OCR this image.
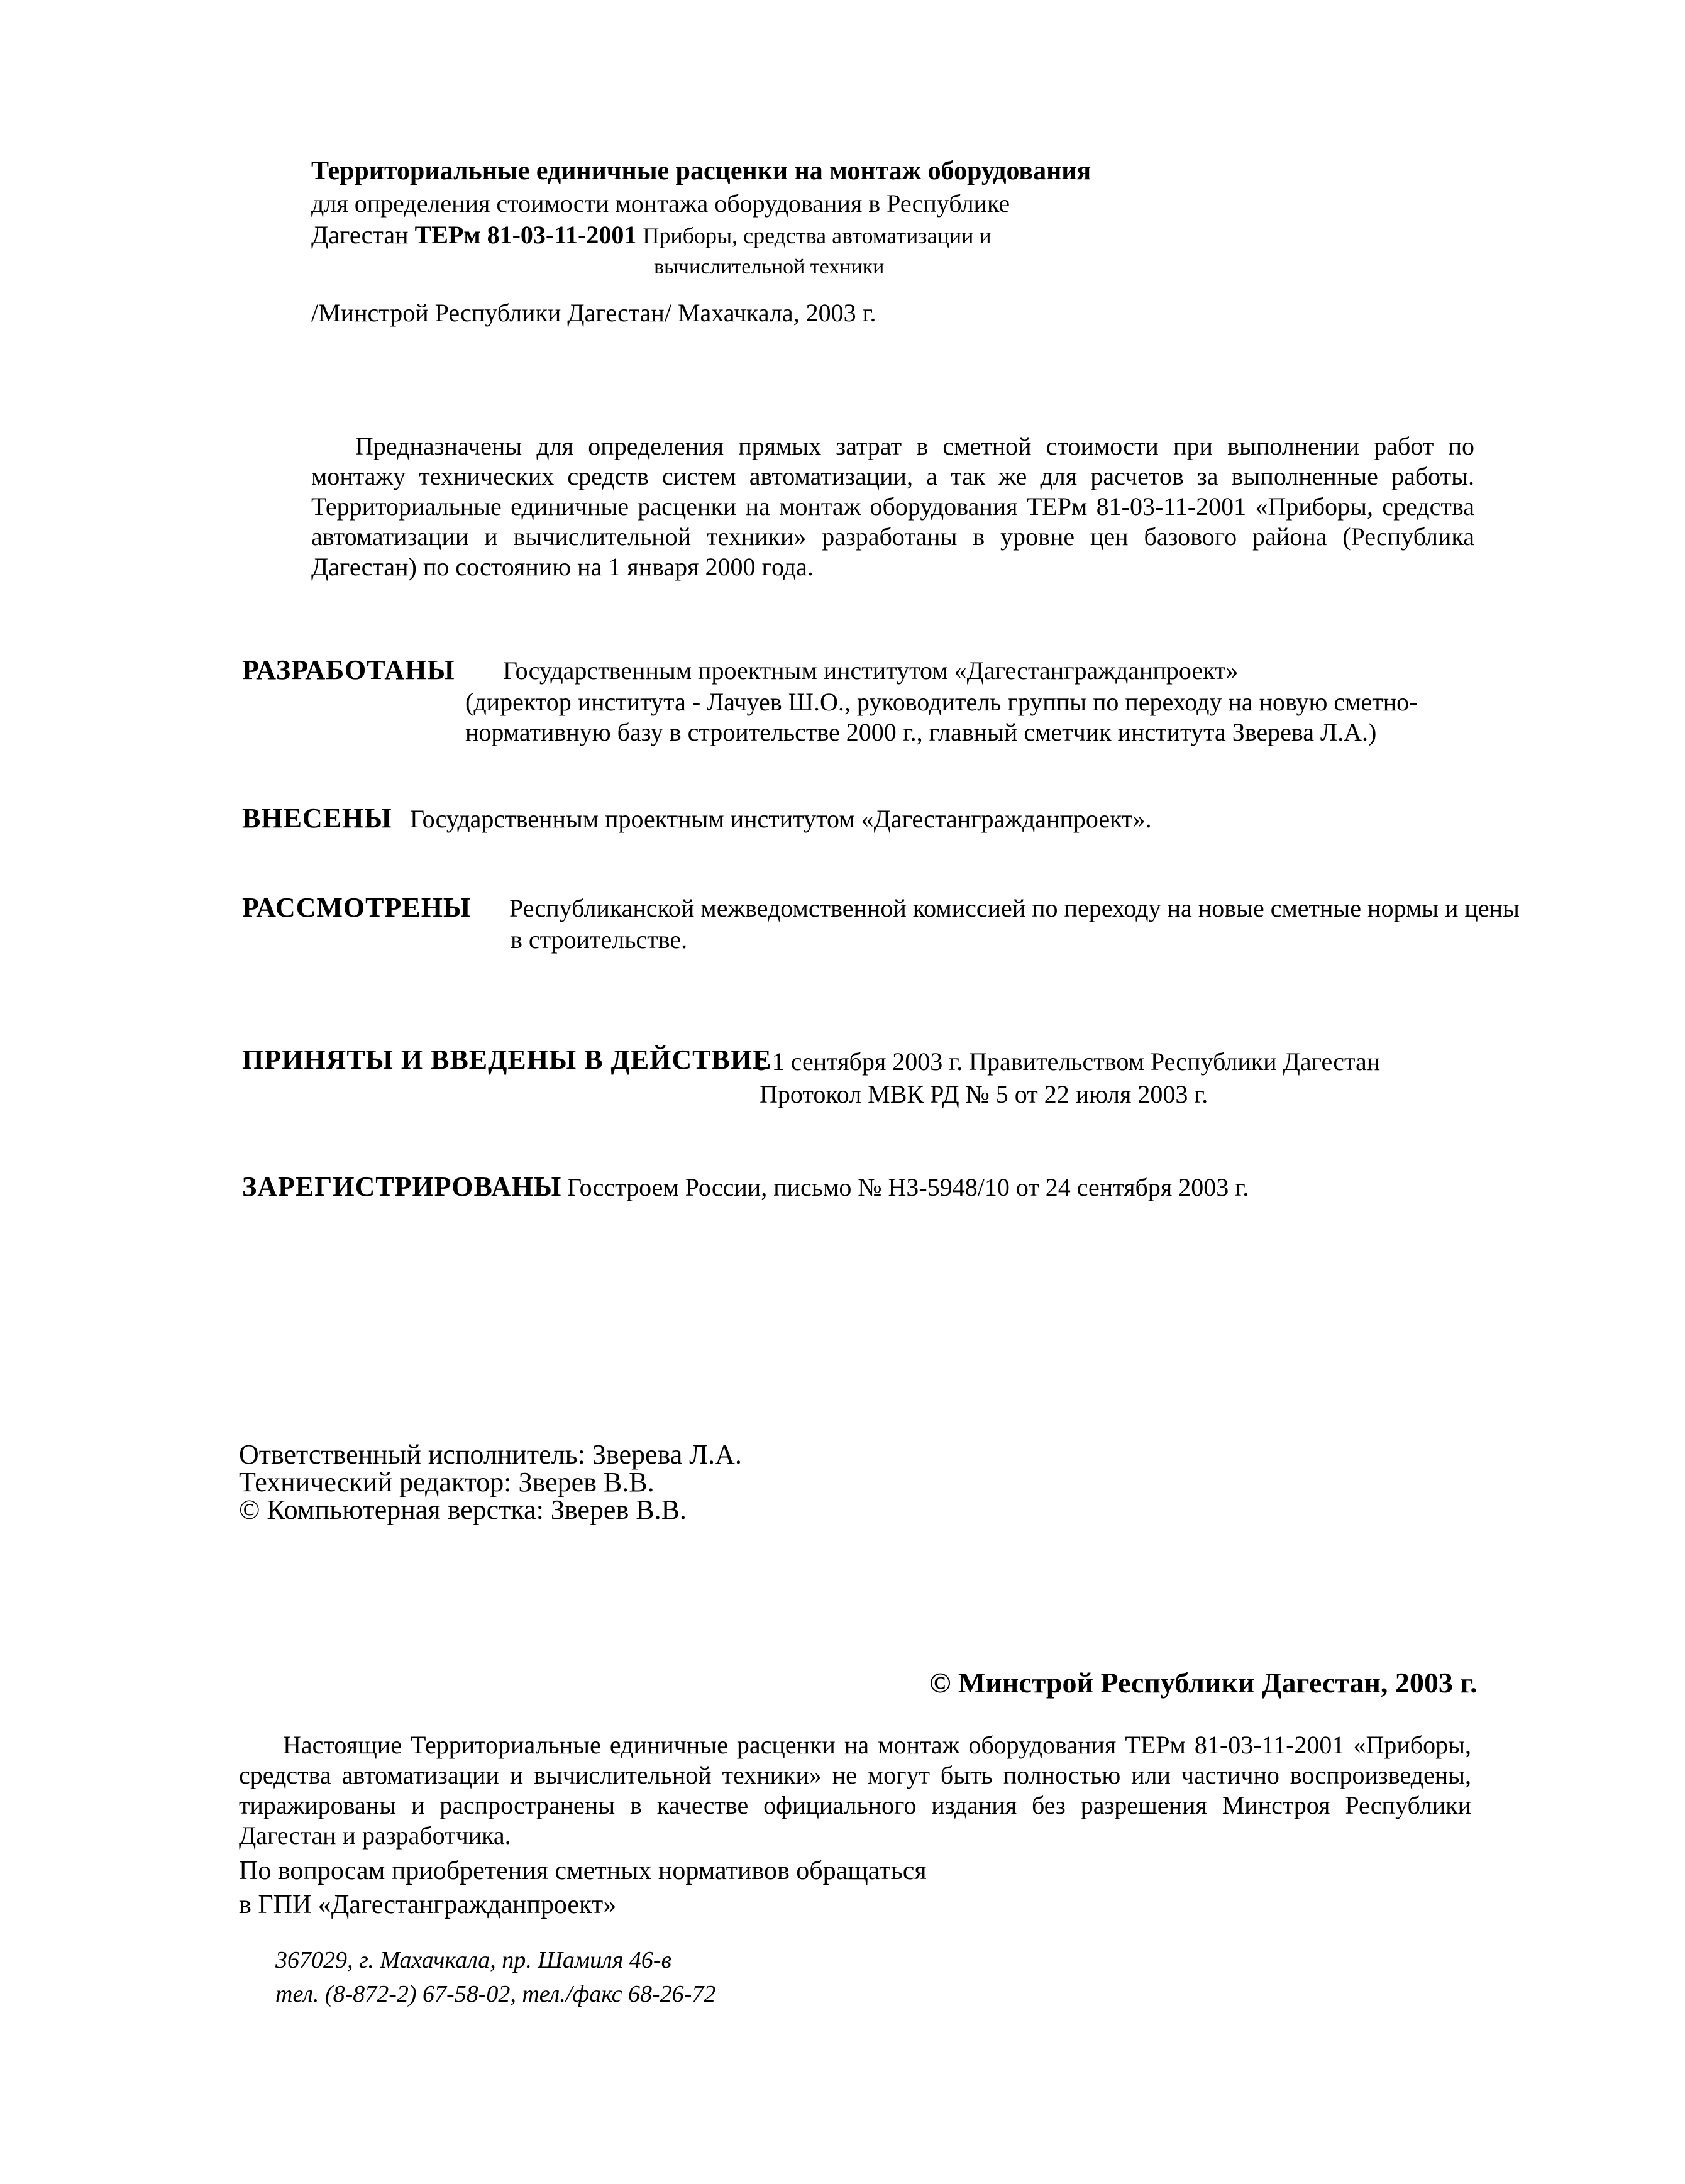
Территориальные единичные расценки на монтаж оборудования
для определения стоимости монтажа оборудования в Республике
Дагестан ТЕРм 81-03-11-2001 Приборы, средства автоматизации и
вычислительной техники
/Минстрой Республики Дагестан/ Махачкала, 2003 г.
Предназначены для определения прямых затрат в сметной стоимости при выполнении работ по монтажу технических средств систем автоматизации, а так же для расчетов за выполненные работы. Территориальные единичные расценки на монтаж оборудования ТЕРм 81-03-11-2001 «Приборы, средства автоматизации и вычислительной техники» разработаны в уровне цен базового района (Республика Дагестан) по состоянию на 1 января 2000 года.
РАЗРАБОТАНЫ Государственным проектным институтом «Дагестангражданпроект»
(директор института - Лачуев Ш.О., руководитель группы по переходу на новую сметно-
нормативную базу в строительстве 2000 г., главный сметчик института Зверева Л.А.)
ВНЕСЕНЫ Государственным проектным институтом «Дагестангражданпроект».
РАССМОТРЕНЫ Республиканской межведомственной комиссией по переходу на новые сметные нормы и цены
в строительстве.
ПРИНЯТЫ И ВВЕДЕНЫ В ДЕЙСТВИЕ
с 1 сентября 2003 г. Правительством Республики Дагестан
Протокол МВК РД № 5 от 22 июля 2003 г.
ЗАРЕГИСТРИРОВАНЫ Госстроем России, письмо № НЗ-5948/10 от 24 сентября 2003 г.
Ответственный исполнитель: Зверева Л.А.
Технический редактор: Зверев В.В.
© Компьютерная верстка: Зверев В.В.
© Минстрой Республики Дагестан, 2003 г.
Настоящие Территориальные единичные расценки на монтаж оборудования ТЕРм 81-03-11-2001 «Приборы, средства автоматизации и вычислительной техники» не могут быть полностью или частично воспроизведены, тиражированы и распространены в качестве официального издания без разрешения Минстроя Республики Дагестан и разработчика.
По вопросам приобретения сметных нормативов обращаться
в ГПИ «Дагестангражданпроект»
367029, г. Махачкала, пр. Шамиля 46-в
тел. (8-872-2) 67-58-02, тел./факс 68-26-72
